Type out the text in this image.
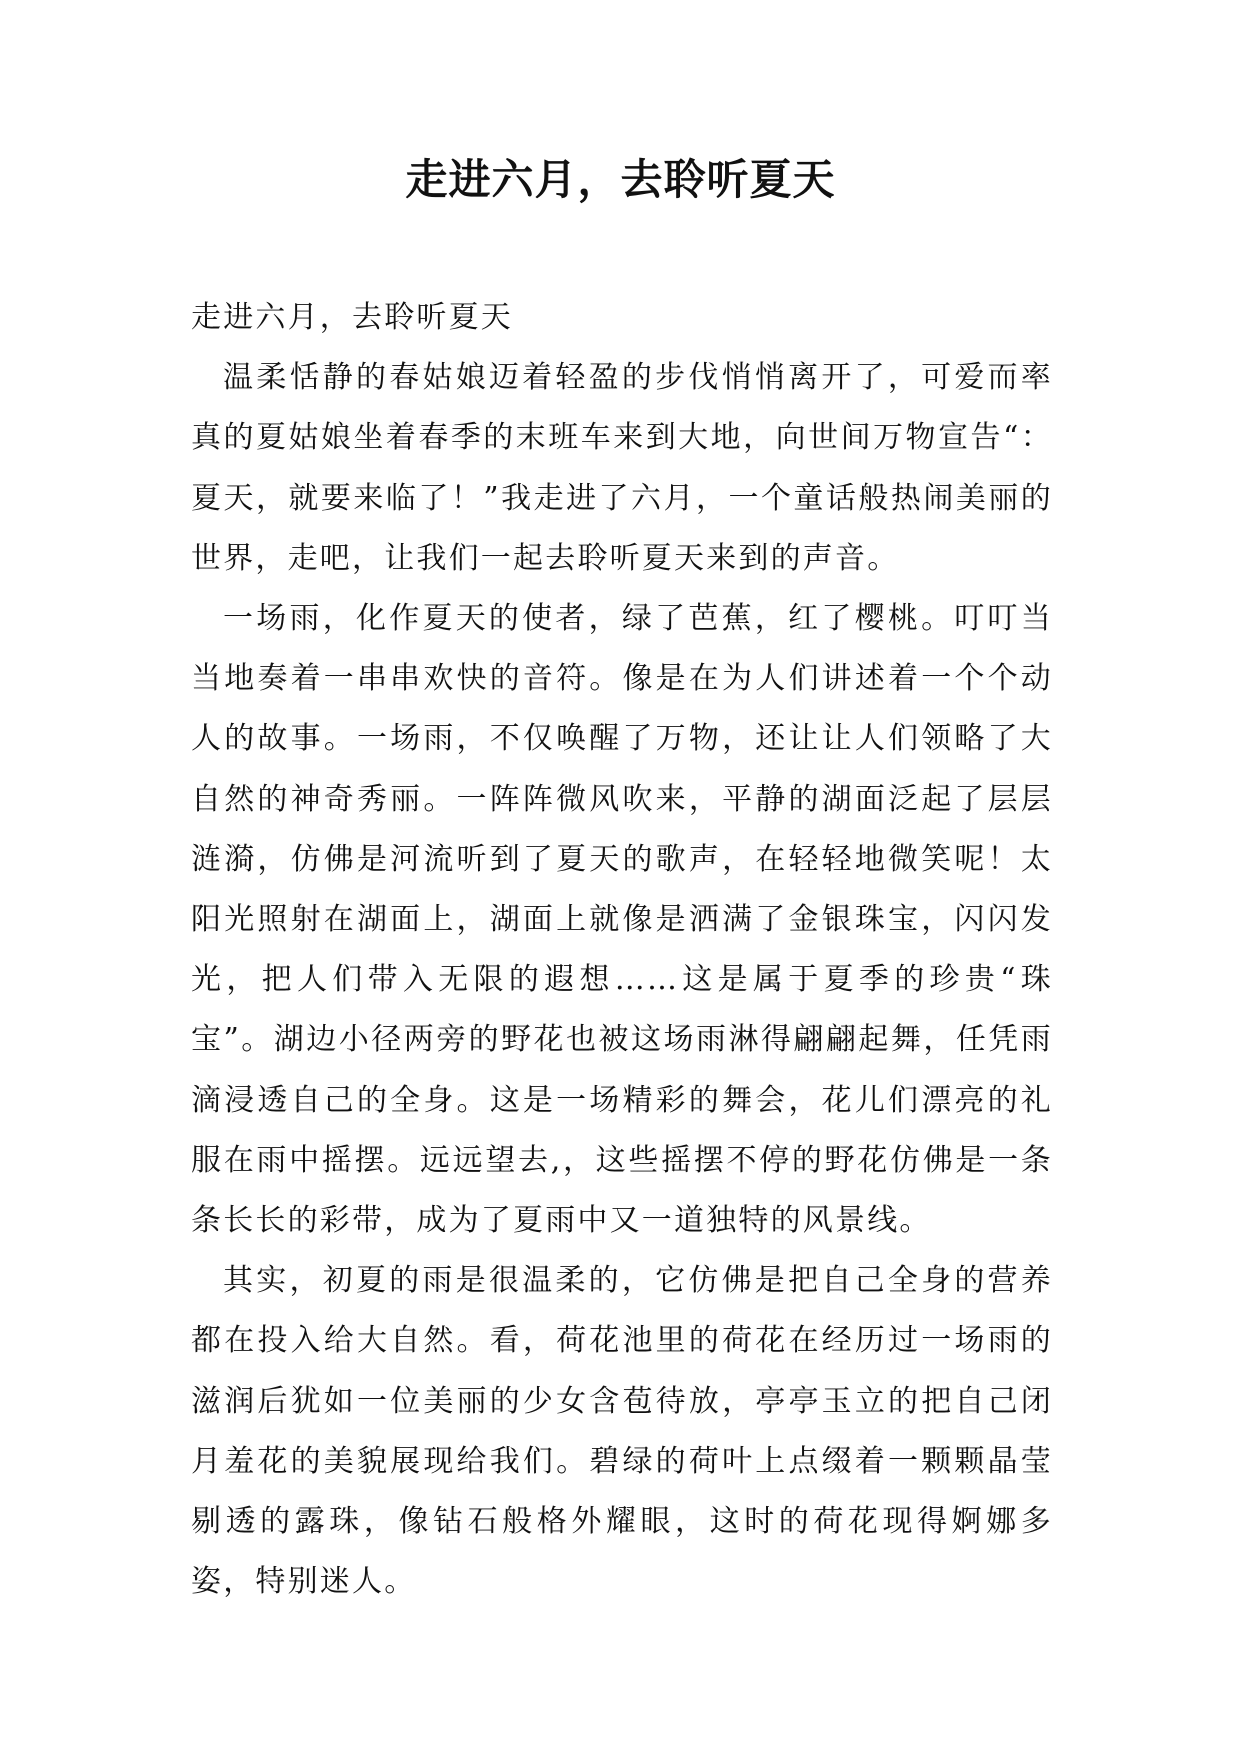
走进六月，去聆听夏天

走进六月，去聆听夏天

温柔恬静的春姑娘迈着轻盈的步伐悄悄离开了，可爱而率真的夏姑娘坐着春季的末班车来到大地，向世间万物宣告“：夏天，就要来临了！”我走进了六月，一个童话般热闹美丽的世界，走吧，让我们一起去聆听夏天来到的声音。

一场雨，化作夏天的使者，绿了芭蕉，红了樱桃。叮叮当当地奏着一串串欢快的音符。像是在为人们讲述着一个个动人的故事。一场雨，不仅唤醒了万物，还让让人们领略了大自然的神奇秀丽。一阵阵微风吹来，平静的湖面泛起了层层涟漪，仿佛是河流听到了夏天的歌声，在轻轻地微笑呢！太阳光照射在湖面上，湖面上就像是洒满了金银珠宝，闪闪发光，把人们带入无限的遐想……这是属于夏季的珍贵“珠宝”。湖边小径两旁的野花也被这场雨淋得翩翩起舞，任凭雨滴浸透自己的全身。这是一场精彩的舞会，花儿们漂亮的礼服在雨中摇摆。远远望去,，这些摇摆不停的野花仿佛是一条条长长的彩带，成为了夏雨中又一道独特的风景线。

其实，初夏的雨是很温柔的，它仿佛是把自己全身的营养都在投入给大自然。看，荷花池里的荷花在经历过一场雨的滋润后犹如一位美丽的少女含苞待放，亭亭玉立的把自己闭月羞花的美貌展现给我们。碧绿的荷叶上点缀着一颗颗晶莹剔透的露珠，像钻石般格外耀眼，这时的荷花现得婀娜多姿，特别迷人。
